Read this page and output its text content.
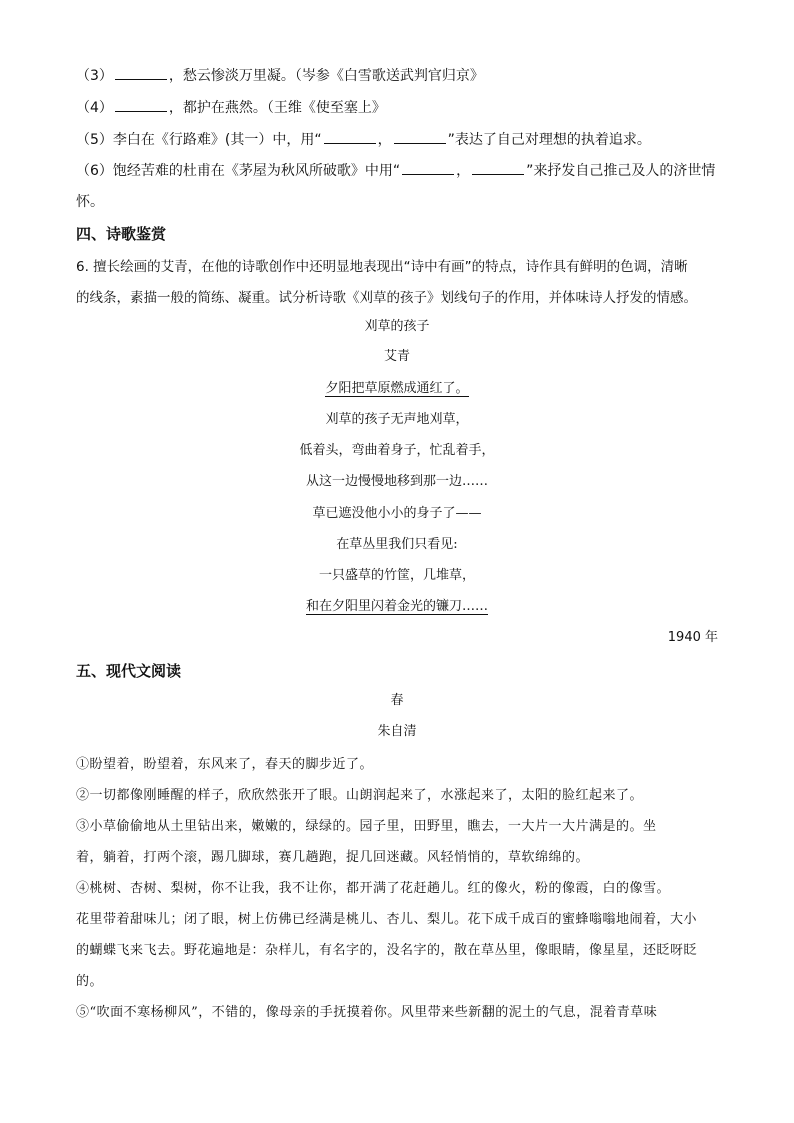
（3）	，愁云惨淡万里凝。（岑参《白雪歌送武判官归京》
（4）	，都护在燕然。（王维《使至塞上》
（5）李白在《行路难》(其一）中，用“	，	”表达了自己对理想的执着追求。
（6）饱经苦难的杜甫在《茅屋为秋风所破歌》中用“	，	”来抒发自己推己及人的济世情
怀。
四、诗歌鉴赏
6. 擅长绘画的艾青，在他的诗歌创作中还明显地表现出“诗中有画”的特点，诗作具有鲜明的色调，清晰
的线条，素描一般的简练、凝重。试分析诗歌《刈草的孩子》划线句子的作用，并体味诗人抒发的情感。
刈草的孩子
艾青
夕阳把草原燃成通红了。
刈草的孩子无声地刈草，
低着头，弯曲着身子，忙乱着手，
从这一边慢慢地移到那一边……
草已遮没他小小的身子了——
在草丛里我们只看见:
一只盛草的竹筐，几堆草，
和在夕阳里闪着金光的镰刀……
1940 年
五、现代文阅读
春
朱自清
①盼望着，盼望着，东风来了，春天的脚步近了。
②一切都像刚睡醒的样子，欣欣然张开了眼。山朗润起来了，水涨起来了，太阳的脸红起来了。
③小草偷偷地从土里钻出来，嫩嫩的，绿绿的。园子里，田野里，瞧去，一大片一大片满是的。坐
着，躺着，打两个滚，踢几脚球，赛几趟跑，捉几回迷藏。风轻悄悄的，草软绵绵的。
④桃树、杏树、梨树，你不让我，我不让你，都开满了花赶趟儿。红的像火，粉的像霞，白的像雪。
花里带着甜味儿；闭了眼，树上仿佛已经满是桃儿、杏儿、梨儿。花下成千成百的蜜蜂嗡嗡地闹着，大小
的蝴蝶飞来飞去。野花遍地是：杂样儿，有名字的，没名字的，散在草丛里，像眼睛，像星星，还眨呀眨
的。
⑤“吹面不寒杨柳风”，不错的，像母亲的手抚摸着你。风里带来些新翻的泥土的气息，混着青草味
